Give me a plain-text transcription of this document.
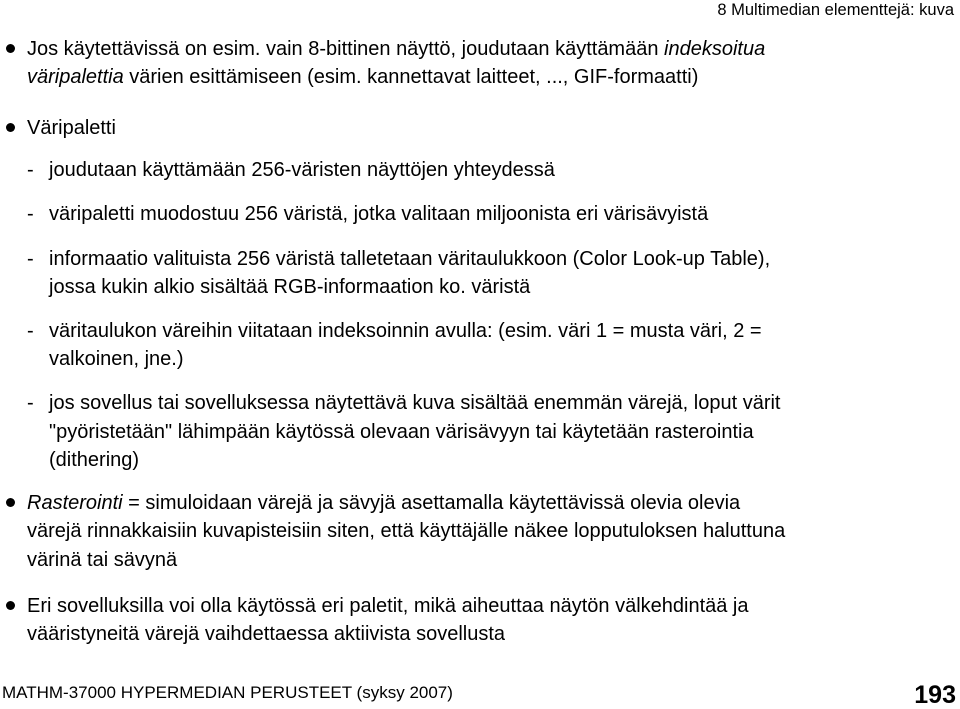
8 Multimedian elementtejä: kuva
Jos käytettävissä on esim. vain 8-bittinen näyttö, joudutaan käyttämään indeksoitua
väripalettia värien esittämiseen (esim. kannettavat laitteet, ..., GIF-formaatti)
Väripaletti
- joudutaan käyttämään 256-väristen näyttöjen yhteydessä
- väripaletti muodostuu 256 väristä, jotka valitaan miljoonista eri värisävyistä
- informaatio valituista 256 väristä talletetaan väritaulukkoon (Color Look-up Table),
jossa kukin alkio sisältää RGB-informaation ko. väristä
- väritaulukon väreihin viitataan indeksoinnin avulla: (esim. väri 1 = musta väri, 2 =
valkoinen, jne.)
- jos sovellus tai sovelluksessa näytettävä kuva sisältää enemmän värejä, loput värit
"pyöristetään" lähimpään käytössä olevaan värisävyyn tai käytetään rasterointia
(dithering)
Rasterointi = simuloidaan värejä ja sävyjä asettamalla käytettävissä olevia olevia
värejä rinnakkaisiin kuvapisteisiin siten, että käyttäjälle näkee lopputuloksen haluttuna
värinä tai sävynä
Eri sovelluksilla voi olla käytössä eri paletit, mikä aiheuttaa näytön välkehdintää ja
vääristyneitä värejä vaihdettaessa aktiivista sovellusta
MATHM-37000 HYPERMEDIAN PERUSTEET (syksy 2007)	193
